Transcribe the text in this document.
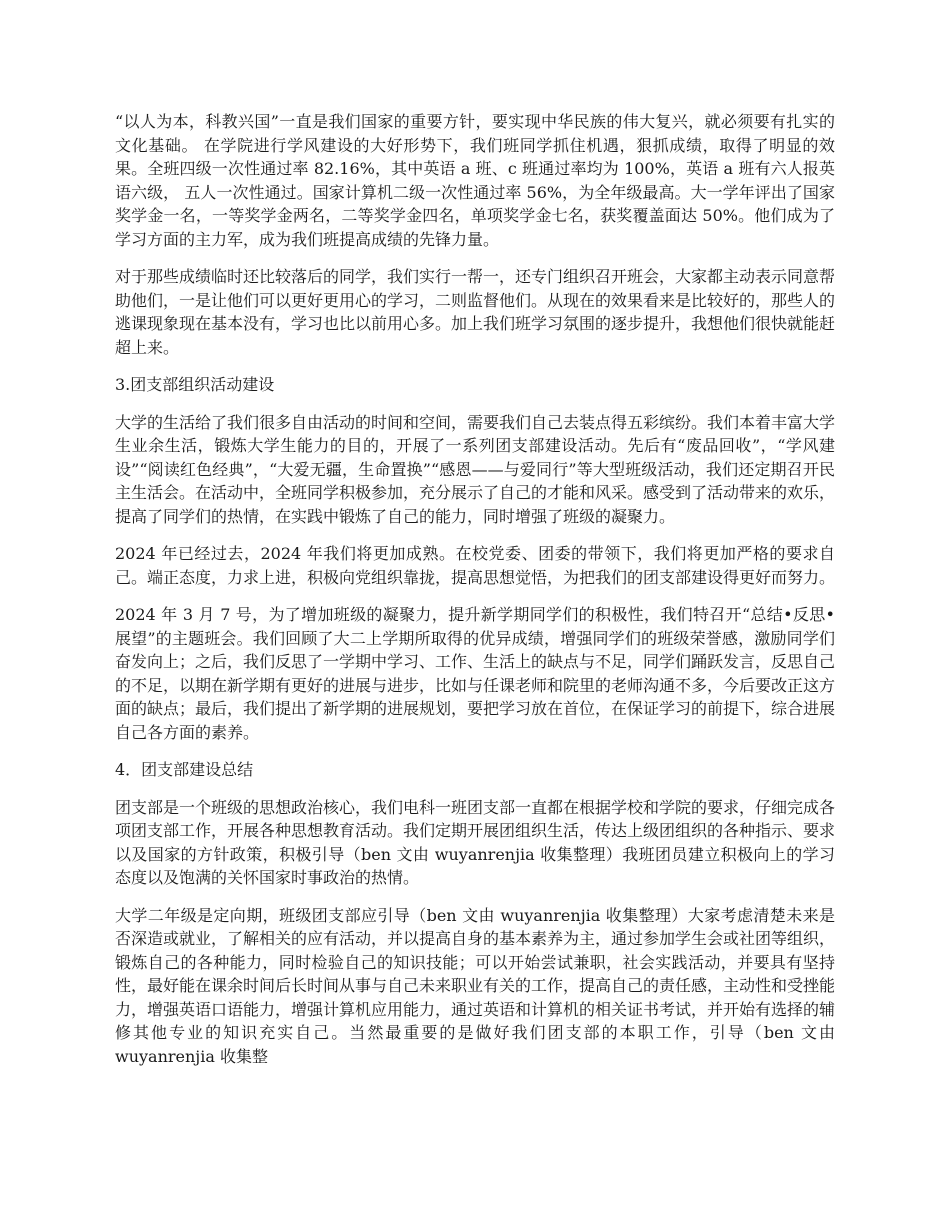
“以人为本，科教兴国”一直是我们国家的重要方针，要实现中华民族的伟大复兴，就必须要有扎实的文化基础。 在学院进行学风建设的大好形势下，我们班同学抓住机遇，狠抓成绩，取得了明显的效果。全班四级一次性通过率 82.16%，其中英语 a 班、c 班通过率均为 100%，英语 a 班有六人报英语六级， 五人一次性通过。国家计算机二级一次性通过率 56%，为全年级最高。大一学年评出了国家奖学金一名，一等奖学金两名，二等奖学金四名，单项奖学金七名，获奖覆盖面达 50%。他们成为了学习方面的主力军，成为我们班提高成绩的先锋力量。

对于那些成绩临时还比较落后的同学，我们实行一帮一，还专门组织召开班会，大家都主动表示同意帮助他们，一是让他们可以更好更用心的学习，二则监督他们。从现在的效果看来是比较好的，那些人的逃课现象现在基本没有，学习也比以前用心多。加上我们班学习氛围的逐步提升，我想他们很快就能赶超上来。

3.团支部组织活动建设

大学的生活给了我们很多自由活动的时间和空间，需要我们自己去装点得五彩缤纷。我们本着丰富大学生业余生活，锻炼大学生能力的目的，开展了一系列团支部建设活动。先后有“废品回收”，“学风建设”“阅读红色经典”，“大爱无疆，生命置换”“感恩——与爱同行”等大型班级活动，我们还定期召开民主生活会。在活动中，全班同学积极参加，充分展示了自己的才能和风采。感受到了活动带来的欢乐，提高了同学们的热情，在实践中锻炼了自己的能力，同时增强了班级的凝聚力。

2024 年已经过去，2024 年我们将更加成熟。在校党委、团委的带领下，我们将更加严格的要求自己。端正态度，力求上进，积极向党组织靠拢，提高思想觉悟，为把我们的团支部建设得更好而努力。

2024 年 3 月 7 号，为了增加班级的凝聚力，提升新学期同学们的积极性，我们特召开“总结•反思•展望”的主题班会。我们回顾了大二上学期所取得的优异成绩，增强同学们的班级荣誉感，激励同学们奋发向上；之后，我们反思了一学期中学习、工作、生活上的缺点与不足，同学们踊跃发言，反思自己的不足，以期在新学期有更好的进展与进步，比如与任课老师和院里的老师沟通不多，今后要改正这方面的缺点；最后，我们提出了新学期的进展规划，要把学习放在首位，在保证学习的前提下，综合进展自己各方面的素养。

4．团支部建设总结

团支部是一个班级的思想政治核心，我们电科一班团支部一直都在根据学校和学院的要求，仔细完成各项团支部工作，开展各种思想教育活动。我们定期开展团组织生活，传达上级团组织的各种指示、要求以及国家的方针政策，积极引导（ben 文由 wuyanrenjia 收集整理）我班团员建立积极向上的学习态度以及饱满的关怀国家时事政治的热情。

大学二年级是定向期，班级团支部应引导（ben 文由 wuyanrenjia 收集整理）大家考虑清楚未来是否深造或就业，了解相关的应有活动，并以提高自身的基本素养为主，通过参加学生会或社团等组织，锻炼自己的各种能力，同时检验自己的知识技能；可以开始尝试兼职，社会实践活动，并要具有坚持性，最好能在课余时间后长时间从事与自己未来职业有关的工作，提高自己的责任感，主动性和受挫能力，增强英语口语能力，增强计算机应用能力，通过英语和计算机的相关证书考试，并开始有选择的辅修其他专业的知识充实自己。当然最重要的是做好我们团支部的本职工作，引导（ben 文由 wuyanrenjia 收集整
